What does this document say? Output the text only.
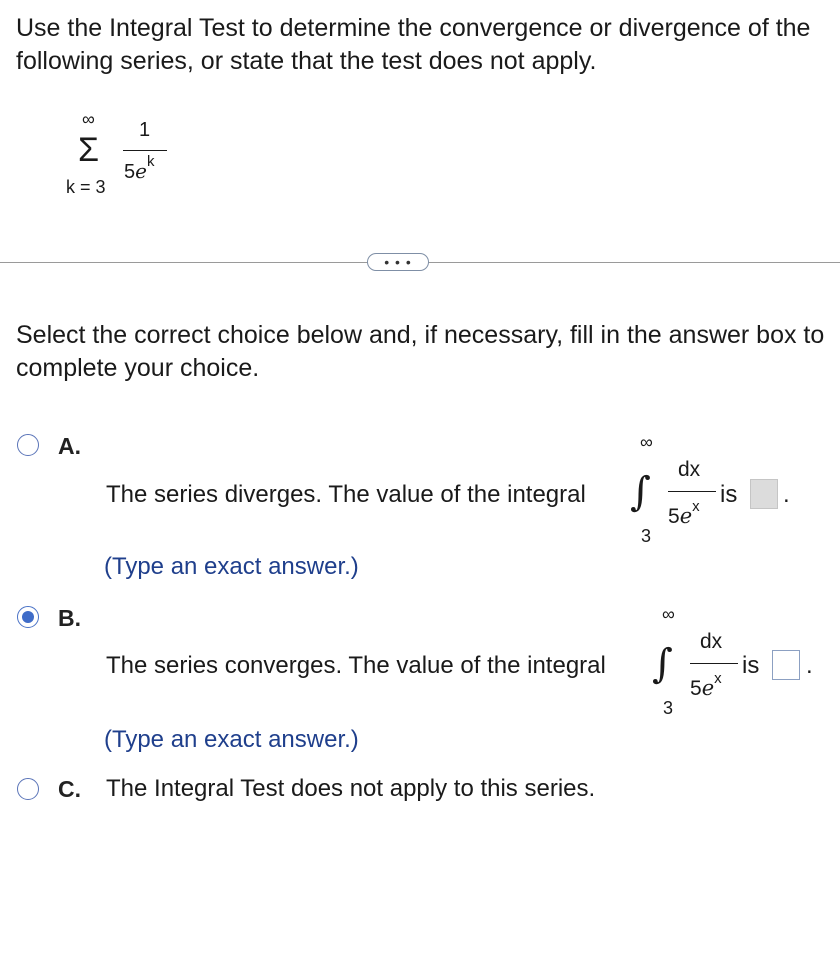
Use the Integral Test to determine the convergence or divergence of the following series, or state that the test does not apply.

∞
Σ
k = 3
1
$5e^k$
• • •
Select the correct choice below and, if necessary, fill in the answer box to complete your choice.
A.
The series diverges. The value of the integral
∞
∫
3
dx
$5e^x$ is .
(Type an exact answer.)
B.
The series converges. The value of the integral
∞
∫
3
dx
$5e^x$ is .
(Type an exact answer.)
C. The Integral Test does not apply to this series.
